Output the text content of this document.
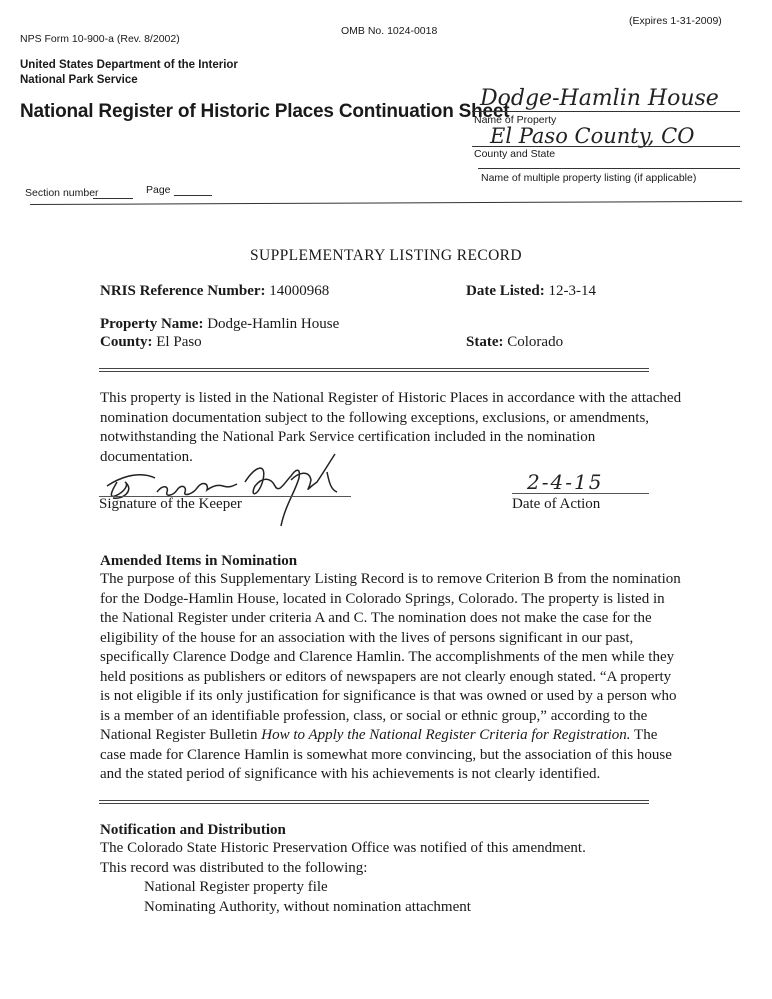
NPS Form 10-900-a (Rev. 8/2002)
OMB No. 1024-0018
(Expires 1-31-2009)
United States Department of the Interior
National Park Service
National Register of Historic Places Continuation Sheet
Dodge-Hamlin House
Name of Property
El Paso County, CO
County and State
Name of multiple property listing (if applicable)
Section number	Page
SUPPLEMENTARY LISTING RECORD
NRIS Reference Number: 14000968	Date Listed: 12-3-14
Property Name: Dodge-Hamlin House
County: El Paso	State: Colorado
This property is listed in the National Register of Historic Places in accordance with the attached
nomination documentation subject to the following exceptions, exclusions, or amendments,
notwithstanding the National Park Service certification included in the nomination
documentation.
Signature of the Keeper
2-4-15
Date of Action
Amended Items in Nomination
The purpose of this Supplementary Listing Record is to remove Criterion B from the nomination
for the Dodge-Hamlin House, located in Colorado Springs, Colorado. The property is listed in
the National Register under criteria A and C. The nomination does not make the case for the
eligibility of the house for an association with the lives of persons significant in our past,
specifically Clarence Dodge and Clarence Hamlin. The accomplishments of the men while they
held positions as publishers or editors of newspapers are not clearly enough stated. “A property
is not eligible if its only justification for significance is that was owned or used by a person who
is a member of an identifiable profession, class, or social or ethnic group,” according to the
National Register Bulletin How to Apply the National Register Criteria for Registration. The
case made for Clarence Hamlin is somewhat more convincing, but the association of this house
and the stated period of significance with his achievements is not clearly identified.
Notification and Distribution
The Colorado State Historic Preservation Office was notified of this amendment.
This record was distributed to the following:
National Register property file
Nominating Authority, without nomination attachment
